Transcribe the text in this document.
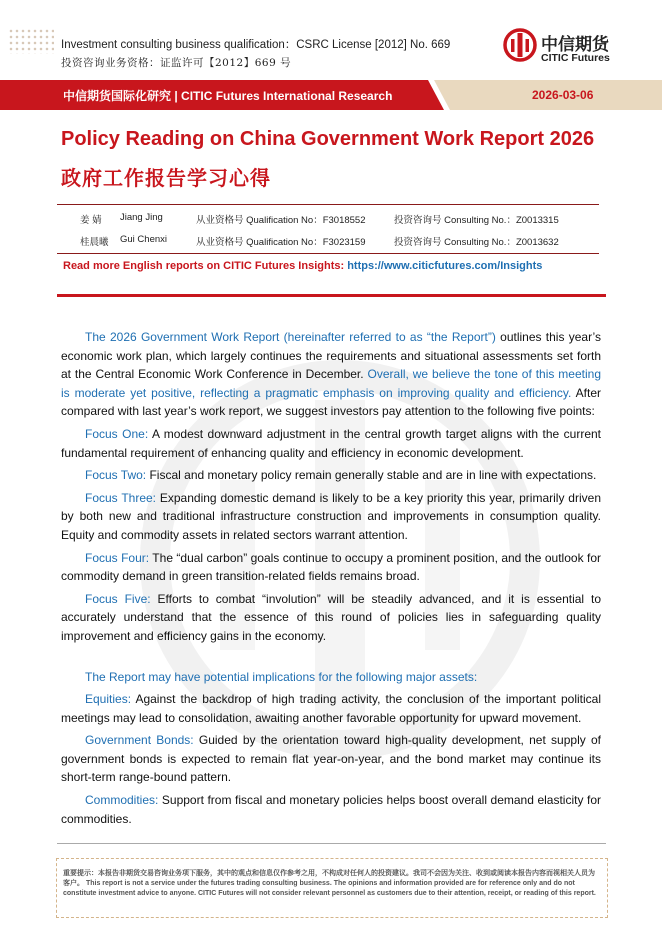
Investment consulting business qualification：CSRC License [2012] No. 669
投资咨询业务资格：证监许可【2012】669 号
中信期货
CITIC Futures
中信期货国际化研究 | CITIC Futures International Research	2026-03-06
Policy Reading on China Government Work Report 2026
政府工作报告学习心得
姜 婧 Jiang Jing	从业资格号 Qualification No：F3018552	投资咨询号 Consulting No.：Z0013315
桂晨曦 Gui Chenxi	从业资格号 Qualification No：F3023159	投资咨询号 Consulting No.：Z0013632
Read more English reports on CITIC Futures Insights: https://www.citicfutures.com/Insights

The 2026 Government Work Report (hereinafter referred to as “the Report”) outlines this year’s economic work plan, which largely continues the requirements and situational assessments set forth at the Central Economic Work Conference in December. Overall, we believe the tone of this meeting is moderate yet positive, reflecting a pragmatic emphasis on improving quality and efficiency. After compared with last year’s work report, we suggest investors pay attention to the following five points:

Focus One: A modest downward adjustment in the central growth target aligns with the current fundamental requirement of enhancing quality and efficiency in economic development.

Focus Two: Fiscal and monetary policy remain generally stable and are in line with expectations.

Focus Three: Expanding domestic demand is likely to be a key priority this year, primarily driven by both new and traditional infrastructure construction and improvements in consumption quality. Equity and commodity assets in related sectors warrant attention.

Focus Four: The “dual carbon” goals continue to occupy a prominent position, and the outlook for commodity demand in green transition-related fields remains broad.

Focus Five: Efforts to combat “involution” will be steadily advanced, and it is essential to accurately understand that the essence of this round of policies lies in safeguarding quality improvement and efficiency gains in the economy.

The Report may have potential implications for the following major assets:

Equities: Against the backdrop of high trading activity, the conclusion of the important political meetings may lead to consolidation, awaiting another favorable opportunity for upward movement.

Government Bonds: Guided by the orientation toward high-quality development, net supply of government bonds is expected to remain flat year-on-year, and the bond market may continue its short-term range-bound pattern.

Commodities: Support from fiscal and monetary policies helps boost overall demand elasticity for commodities.

重要提示：本报告非期货交易咨询业务项下服务，其中的观点和信息仅作参考之用，不构成对任何人的投资建议。我司不会因为关注、收到或阅读本报告内容而视相关人员为客户。 This report is not a service under the futures trading consulting business. The opinions and information provided are for reference only and do not constitute investment advice to anyone. CITIC Futures will not consider relevant personnel as customers due to their attention, receipt, or reading of this report.
